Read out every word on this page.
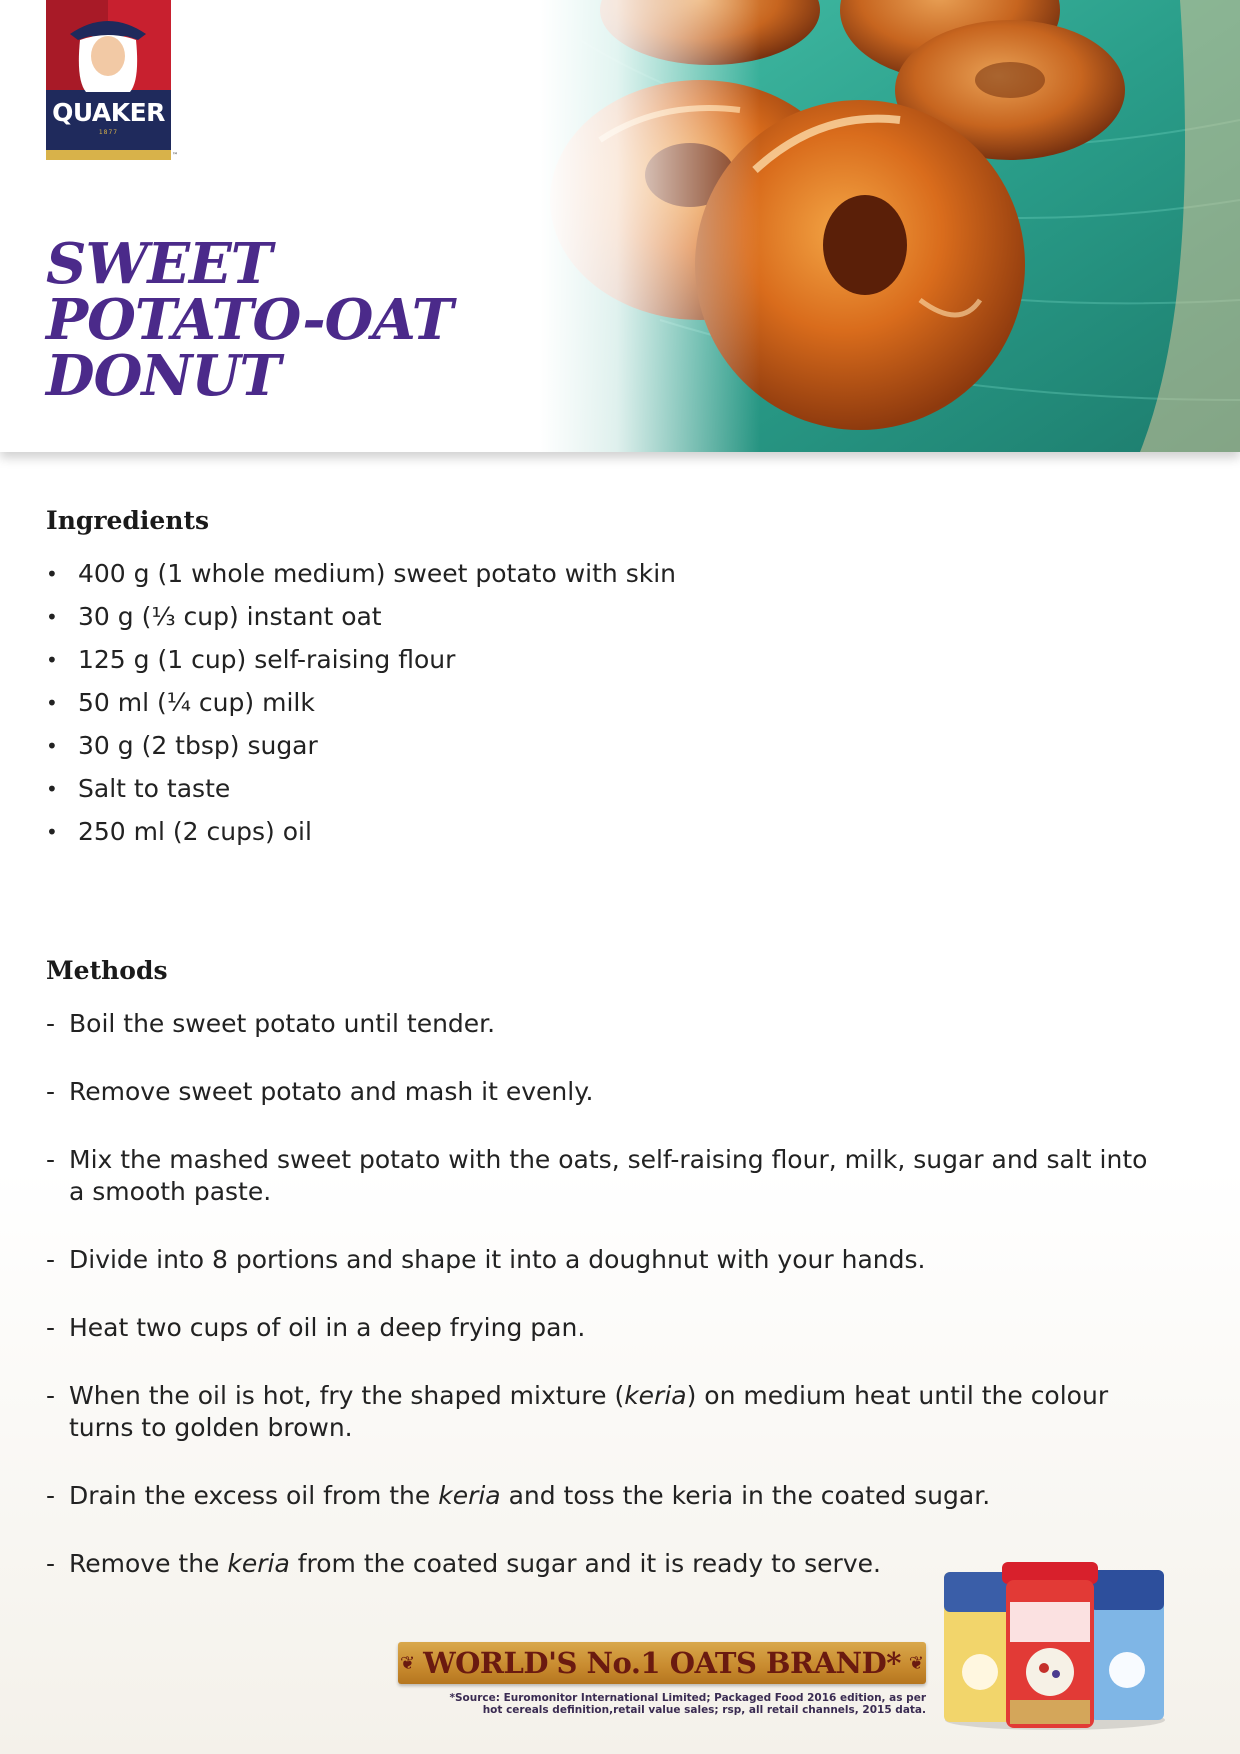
QUAKER
1877
™
SWEET
POTATO-OAT
DONUT
Ingredients
• 400 g (1 whole medium) sweet potato with skin
• 30 g (⅓ cup) instant oat
• 125 g (1 cup) self-raising flour
• 50 ml (¼ cup) milk
• 30 g (2 tbsp) sugar
• Salt to taste
• 250 ml (2 cups) oil
Methods
- Boil the sweet potato until tender.
- Remove sweet potato and mash it evenly.
- Mix the mashed sweet potato with the oats, self-raising flour, milk, sugar and salt into a smooth paste.
- Divide into 8 portions and shape it into a doughnut with your hands.
- Heat two cups of oil in a deep frying pan.
- When the oil is hot, fry the shaped mixture (keria) on medium heat until the colour turns to golden brown.
- Drain the excess oil from the keria and toss the keria in the coated sugar.
- Remove the keria from the coated sugar and it is ready to serve.
❦ WORLD'S No.1 OATS BRAND* ❦
*Source: Euromonitor International Limited; Packaged Food 2016 edition, as per
hot cereals definition,retail value sales; rsp, all retail channels, 2015 data.
